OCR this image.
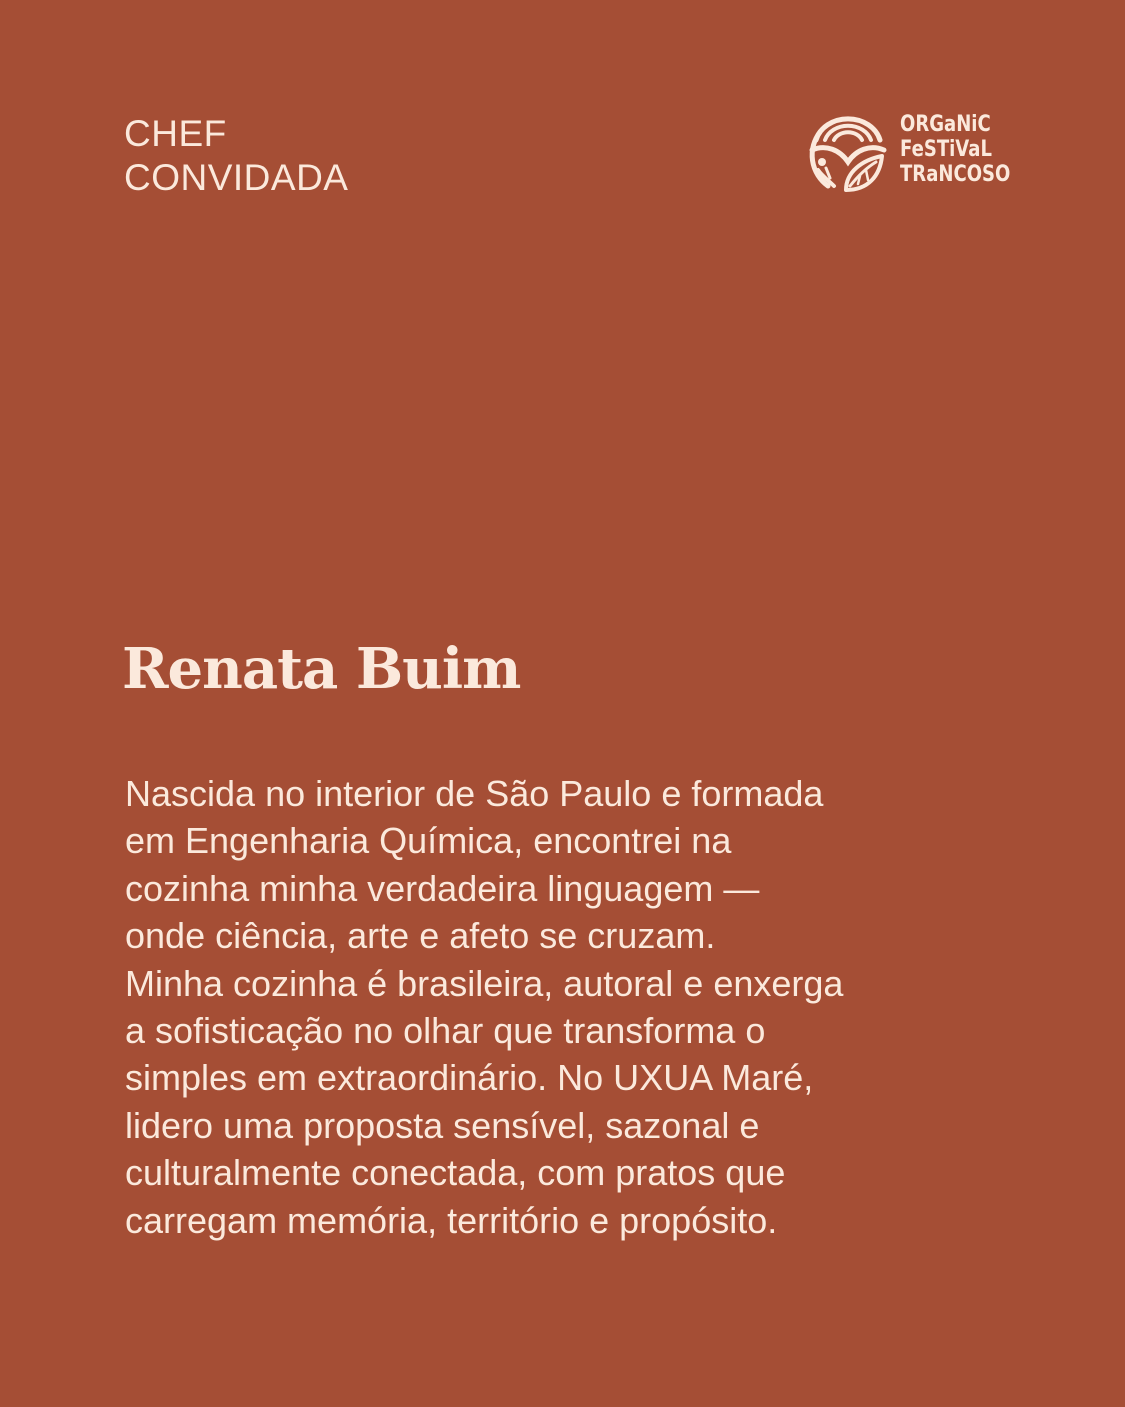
CHEF
CONVIDADA
ORGaNiC
FeSTiVaL
TRaNCOSO
Renata Buim
Nascida no interior de São Paulo e formada
em Engenharia Química, encontrei na
cozinha minha verdadeira linguagem —
onde ciência, arte e afeto se cruzam.
Minha cozinha é brasileira, autoral e enxerga
a sofisticação no olhar que transforma o
simples em extraordinário. No UXUA Maré,
lidero uma proposta sensível, sazonal e
culturalmente conectada, com pratos que
carregam memória, território e propósito.
